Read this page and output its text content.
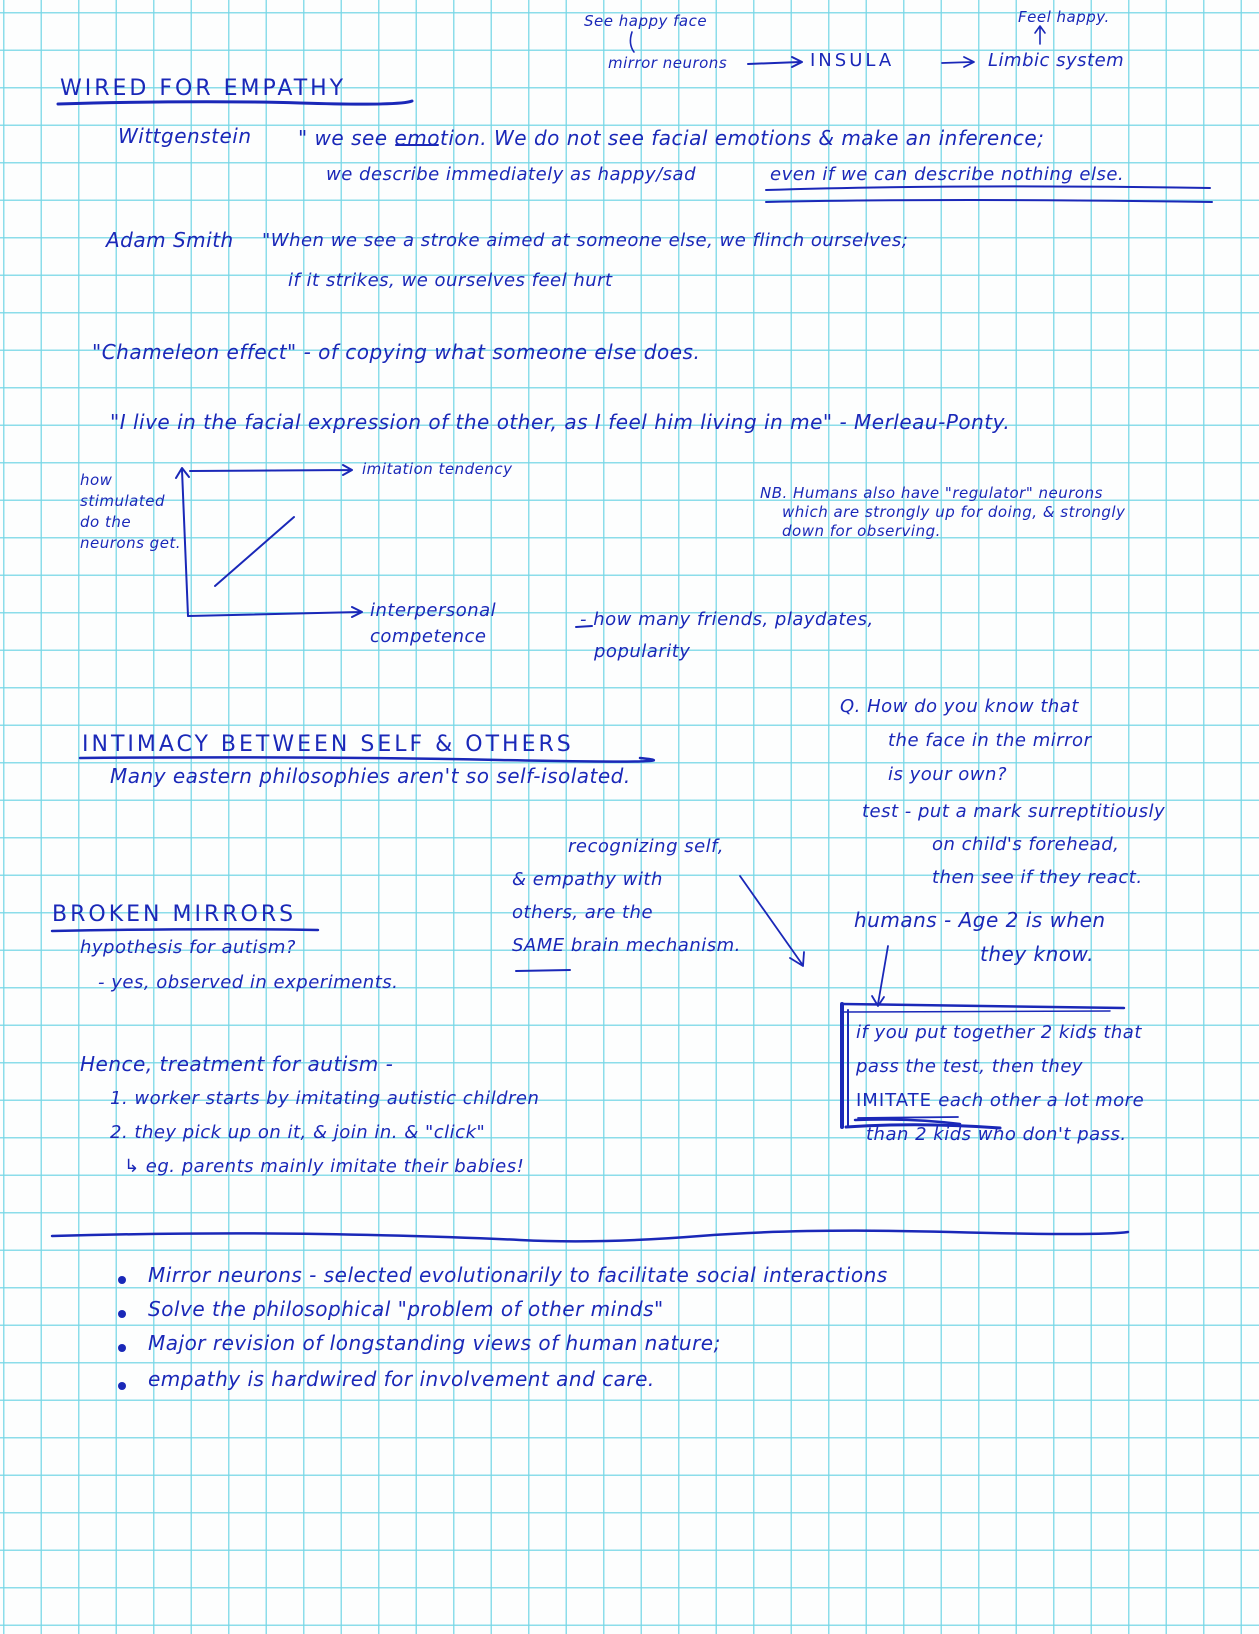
See happy face	Feel happy.
mirror neurons	INSULA	Limbic system
WIRED FOR EMPATHY
Wittgenstein " we see emotion. We do not see facial emotions & make an inference;
we describe immediately as happy/sad	even if we can describe nothing else.
Adam Smith "When we see a stroke aimed at someone else, we flinch ourselves;
if it strikes, we ourselves feel hurt
"Chameleon effect" - of copying what someone else does.
"I live in the facial expression of the other, as I feel him living in me" - Merleau-Ponty.
how
stimulated
do the
neurons get.
imitation tendency
interpersonal
competence
- how many friends, playdates,
popularity
NB. Humans also have "regulator" neurons
which are strongly up for doing, & strongly
down for observing.
INTIMACY BETWEEN SELF & OTHERS
Many eastern philosophies aren't so self-isolated.
Q. How do you know that
the face in the mirror
is your own?
test - put a mark surreptitiously
on child's forehead,
then see if they react.
humans - Age 2 is when
they know.
recognizing self,
& empathy with
others, are the
SAME brain mechanism.
BROKEN MIRRORS
hypothesis for autism?
- yes, observed in experiments.
Hence, treatment for autism -
1. worker starts by imitating autistic children
2. they pick up on it, & join in. & "click"
↳ eg. parents mainly imitate their babies!
if you put together 2 kids that
pass the test, then they
IMITATE each other a lot more
than 2 kids who don't pass.
Mirror neurons - selected evolutionarily to facilitate social interactions
Solve the philosophical "problem of other minds"
Major revision of longstanding views of human nature;
empathy is hardwired for involvement and care.
